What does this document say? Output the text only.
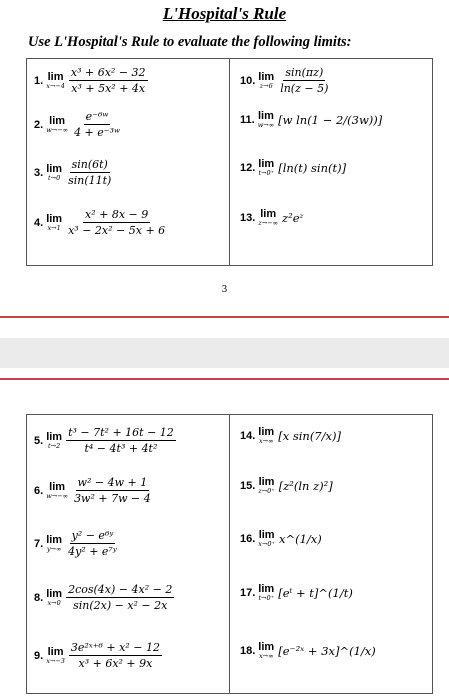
L'Hospital's Rule
Use L'Hospital's Rule to evaluate the following limits:
3
1. lim
$x\to-4 \frac{\text{x³ + 6x² − 32}}{\text{x³ + 5x² + 4x}}$
2. lim
$w\to-\infty \frac{\text{e⁻⁶ʷ}}{\text{4 + e⁻³ʷ}}$
3. lim
$t\to 0 \frac{\sin(6t)}{\sin(11t)}$
4. lim
$x\to 1 \frac{\text{x² + 8x − 9}}{\text{x³ − 2x² − 5x + 6}}$
10. lim
$z\to 6 \frac{\sin(\pi z)}{\ln(z - 5)}$
11. lim
w→∞ [w ln(1 − 2/(3w))]
12. lim
t→0⁺ [ln(t) sin(t)]
13. lim
z→−∞ z²eᶻ
5. lim
$t\to 2 \frac{\text{t³ − 7t² + 16t − 12}}{\text{t⁴ − 4t³ + 4t²}}$
6. lim
$w\to-\infty \frac{\text{w² − 4w + 1}}{\text{3w² + 7w − 4}}$
7. lim
$y\to\infty \frac{\text{y² − e⁶ʸ}}{\text{4y² + e⁷ʸ}}$
8. lim
$x\to 0 \frac{\text{2cos(4x) − 4x² − 2}}{\text{sin(2x) − x² − 2x}}$
9. lim
$x\to-3 \frac{\text{3e²ˣ⁺⁶ + x² − 12}}{\text{x³ + 6x² + 9x}}$
14. lim
x→∞ [x sin(7/x)]
15. lim
z→0⁺ [z²(ln z)²]
16. lim
x→0⁺ x^(1/x)
17. lim
t→0⁺ [eᵗ + t]^(1/t)
18. lim
x→∞ [e⁻²ˣ + 3x]^(1/x)
